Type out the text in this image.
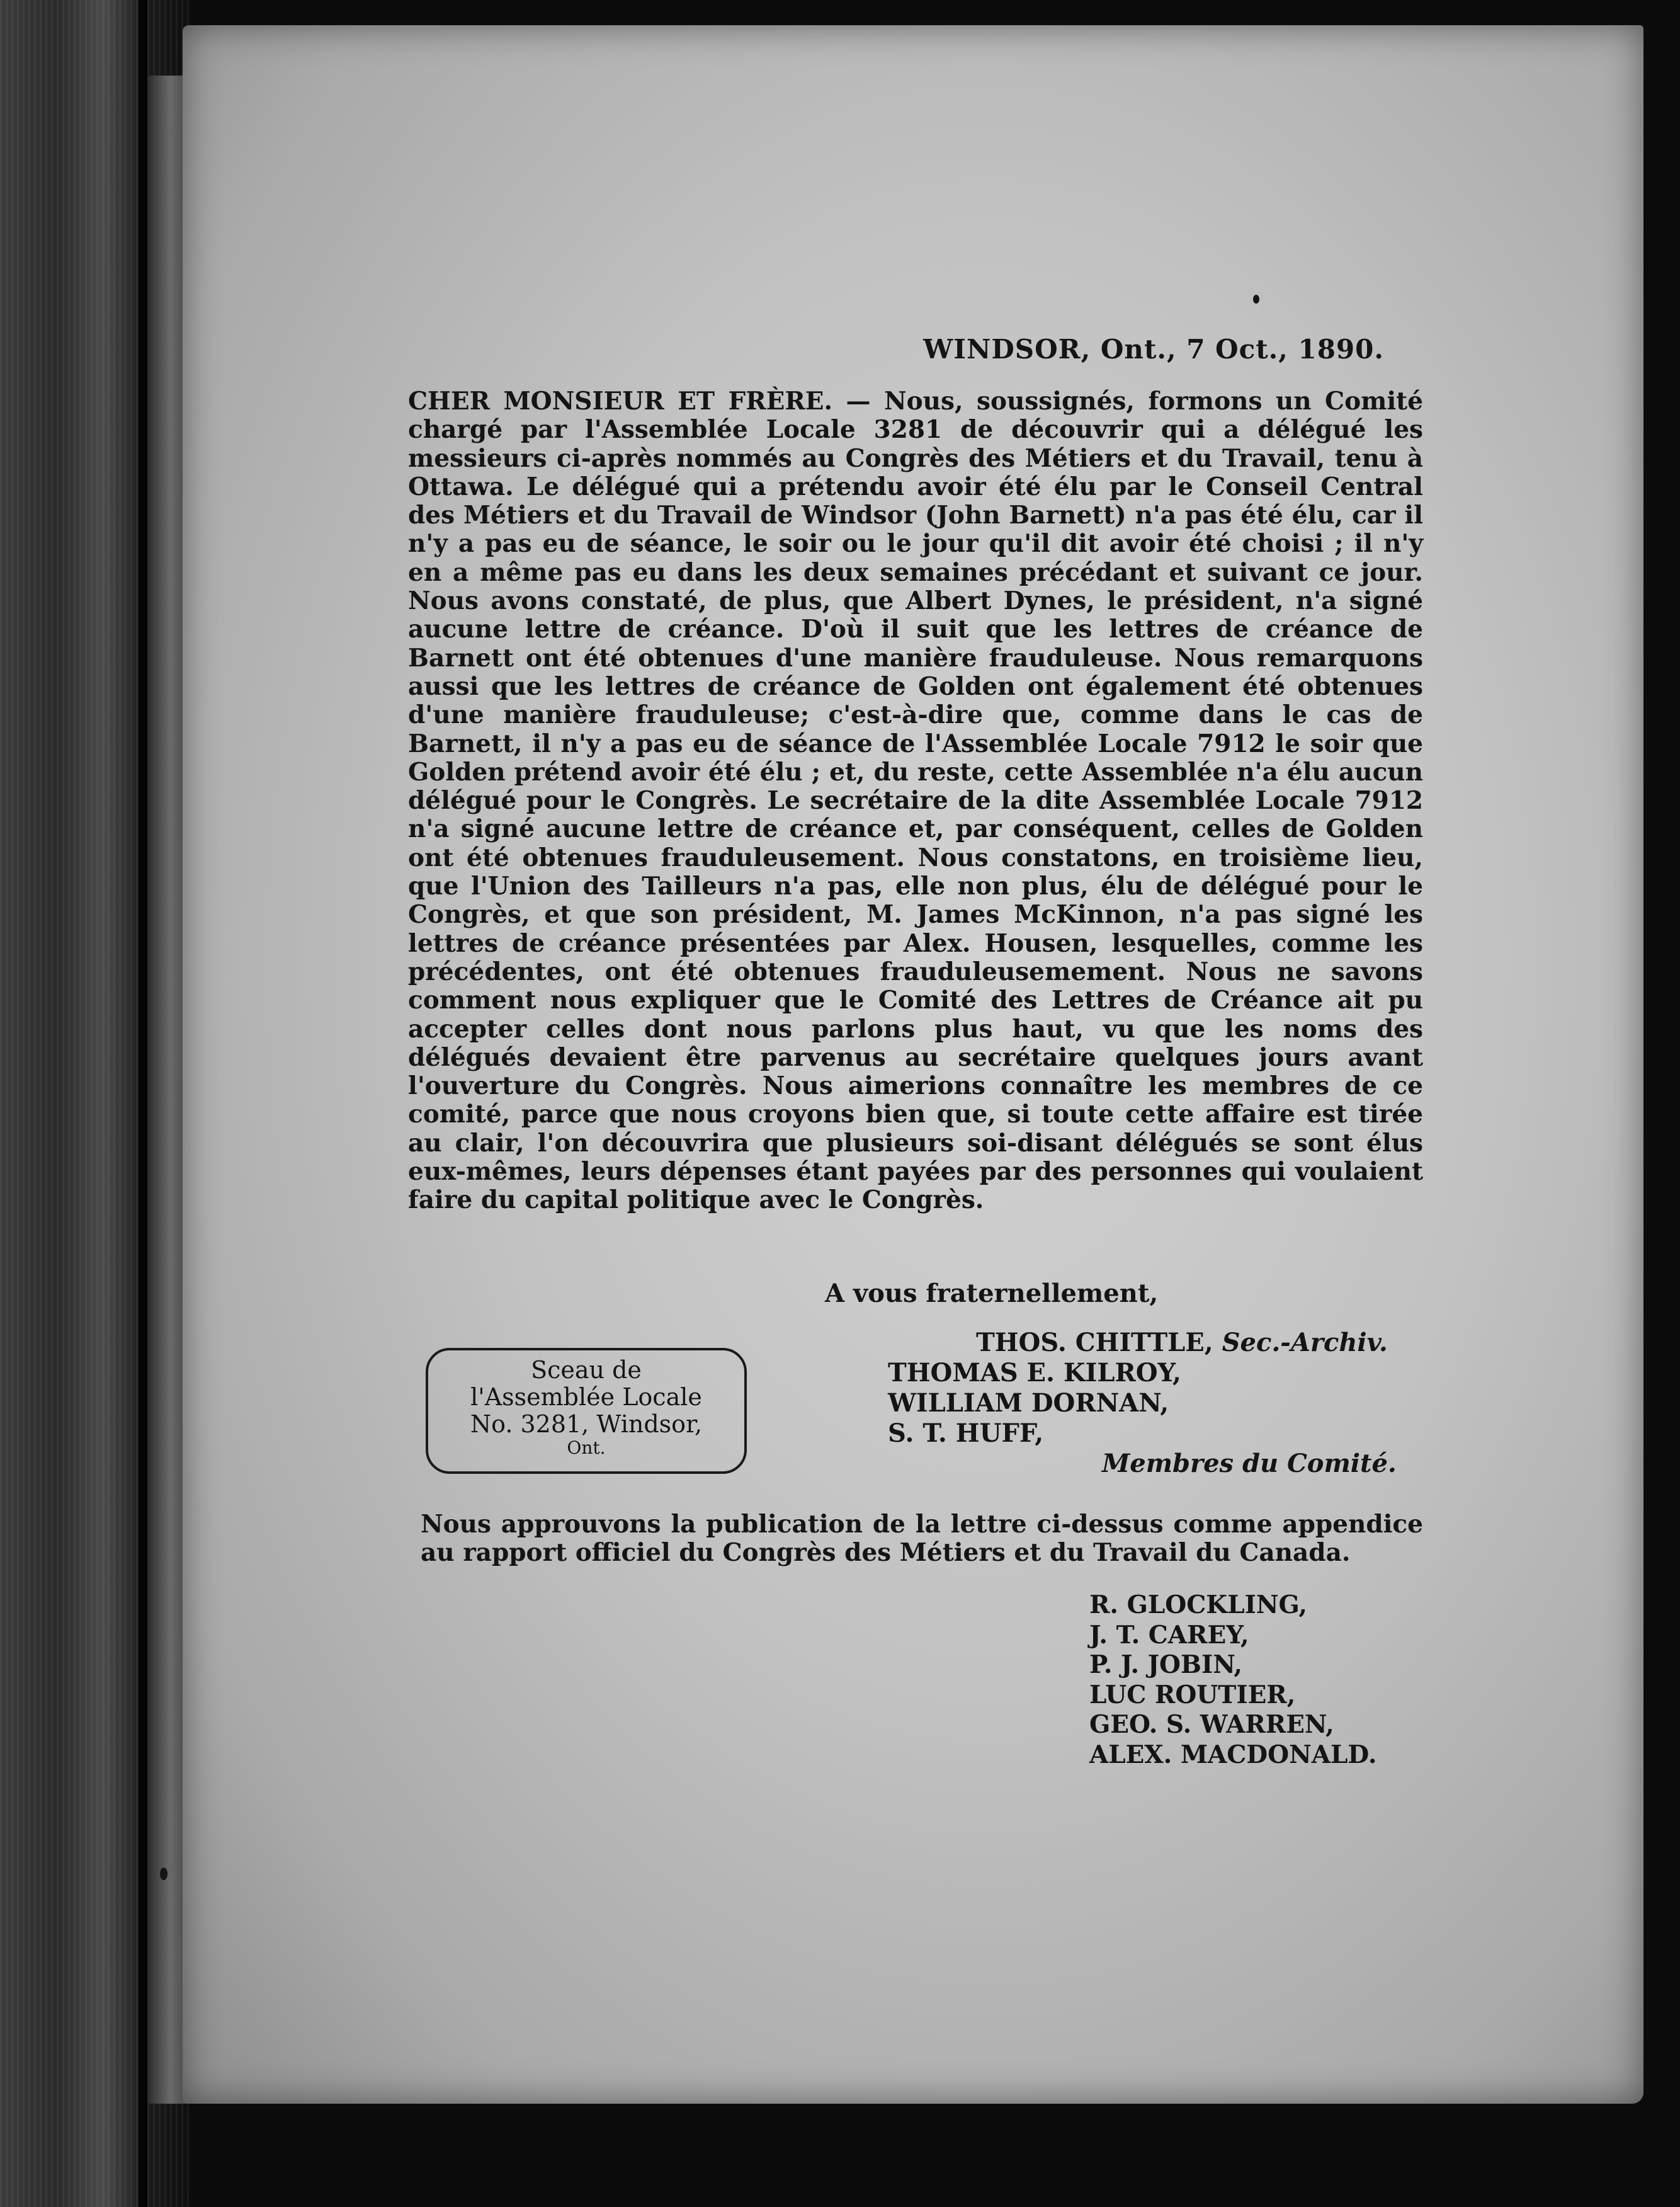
WINDSOR, Ont., 7 Oct., 1890.
CHER MONSIEUR ET FRÈRE. — Nous, soussignés, formons un Comité chargé par l'Assemblée Locale 3281 de découvrir qui a délégué les messieurs ci-après nommés au Congrès des Métiers et du Travail, tenu à Ottawa. Le délégué qui a prétendu avoir été élu par le Conseil Central des Métiers et du Travail de Windsor (John Barnett) n'a pas été élu, car il n'y a pas eu de séance, le soir ou le jour qu'il dit avoir été choisi ; il n'y en a même pas eu dans les deux semaines précédant et suivant ce jour. Nous avons constaté, de plus, que Albert Dynes, le président, n'a signé aucune lettre de créance. D'où il suit que les lettres de créance de Barnett ont été obtenues d'une manière frauduleuse. Nous remarquons aussi que les lettres de créance de Golden ont également été obtenues d'une manière frauduleuse; c'est-à-dire que, comme dans le cas de Barnett, il n'y a pas eu de séance de l'Assemblée Locale 7912 le soir que Golden prétend avoir été élu ; et, du reste, cette Assemblée n'a élu aucun délégué pour le Congrès. Le secrétaire de la dite Assemblée Locale 7912 n'a signé aucune lettre de créance et, par conséquent, celles de Golden ont été obtenues frauduleusement. Nous constatons, en troisième lieu, que l'Union des Tailleurs n'a pas, elle non plus, élu de délégué pour le Congrès, et que son président, M. James McKinnon, n'a pas signé les lettres de créance présentées par Alex. Housen, lesquelles, comme les précédentes, ont été obtenues frauduleusemement. Nous ne savons comment nous expliquer que le Comité des Lettres de Créance ait pu accepter celles dont nous parlons plus haut, vu que les noms des délégués devaient être parvenus au secrétaire quelques jours avant l'ouverture du Congrès. Nous aimerions connaître les membres de ce comité, parce que nous croyons bien que, si toute cette affaire est tirée au clair, l'on découvrira que plusieurs soi-disant délégués se sont élus eux-mêmes, leurs dépenses étant payées par des personnes qui voulaient faire du capital politique avec le Congrès.
A vous fraternellement,
Sceau de
l'Assemblée Locale
No. 3281, Windsor,
Ont.
THOS. CHITTLE, Sec.-Archiv.
THOMAS E. KILROY,
WILLIAM DORNAN,
S. T. HUFF,
Membres du Comité.
Nous approuvons la publication de la lettre ci-dessus comme appendice au rapport officiel du Congrès des Métiers et du Travail du Canada.
R. GLOCKLING,
J. T. CAREY,
P. J. JOBIN,
LUC ROUTIER,
GEO. S. WARREN,
ALEX. MACDONALD.
